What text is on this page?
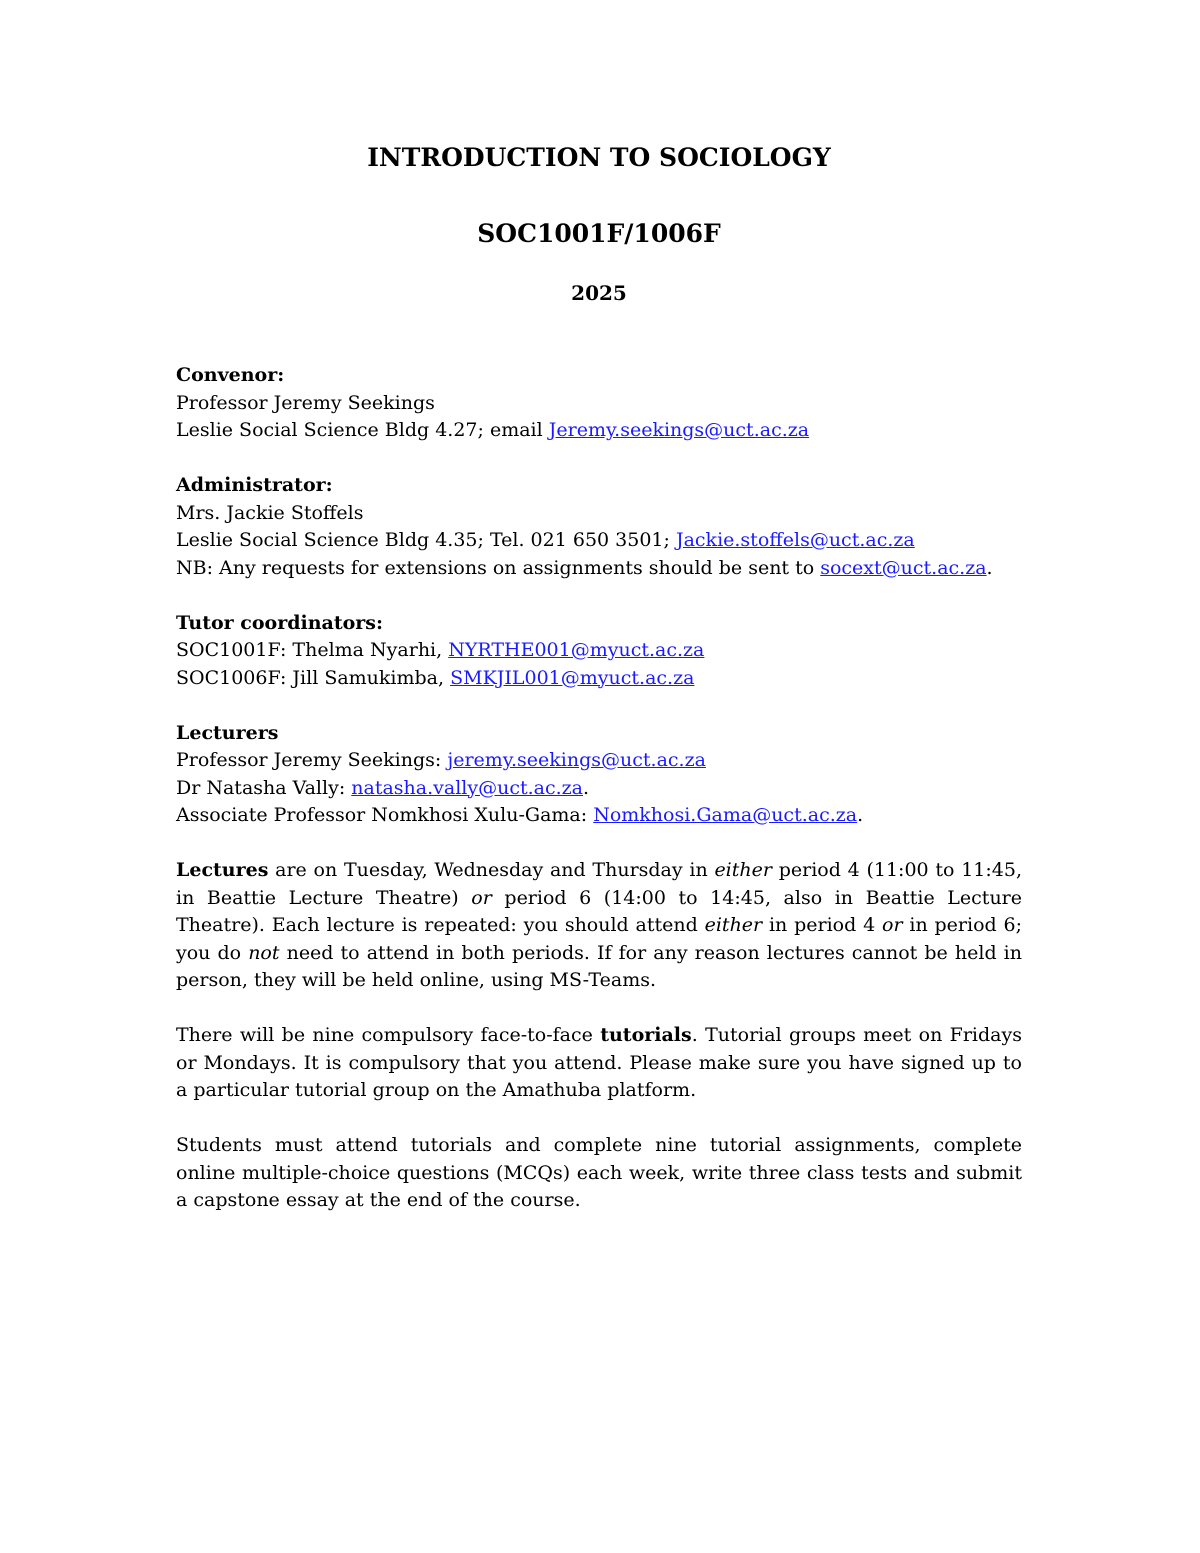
INTRODUCTION TO SOCIOLOGY
SOC1001F/1006F
2025

Convenor:

Professor Jeremy Seekings

Leslie Social Science Bldg 4.27; email Jeremy.seekings@uct.ac.za

Administrator:

Mrs. Jackie Stoffels

Leslie Social Science Bldg 4.35; Tel. 021 650 3501; Jackie.stoffels@uct.ac.za

NB: Any requests for extensions on assignments should be sent to socext@uct.ac.za.

Tutor coordinators:

SOC1001F: Thelma Nyarhi, NYRTHE001@myuct.ac.za

SOC1006F: Jill Samukimba, SMKJIL001@myuct.ac.za

Lecturers

Professor Jeremy Seekings: jeremy.seekings@uct.ac.za

Dr Natasha Vally: natasha.vally@uct.ac.za.

Associate Professor Nomkhosi Xulu-Gama: Nomkhosi.Gama@uct.ac.za.

Lectures are on Tuesday, Wednesday and Thursday in either period 4 (11:00 to 11:45, in Beattie Lecture Theatre) or period 6 (14:00 to 14:45, also in Beattie Lecture Theatre). Each lecture is repeated: you should attend either in period 4 or in period 6; you do not need to attend in both periods. If for any reason lectures cannot be held in person, they will be held online, using MS-Teams.

There will be nine compulsory face-to-face tutorials. Tutorial groups meet on Fridays or Mondays. It is compulsory that you attend. Please make sure you have signed up to a particular tutorial group on the Amathuba platform.

Students must attend tutorials and complete nine tutorial assignments, complete online multiple-choice questions (MCQs) each week, write three class tests and submit a capstone essay at the end of the course.
